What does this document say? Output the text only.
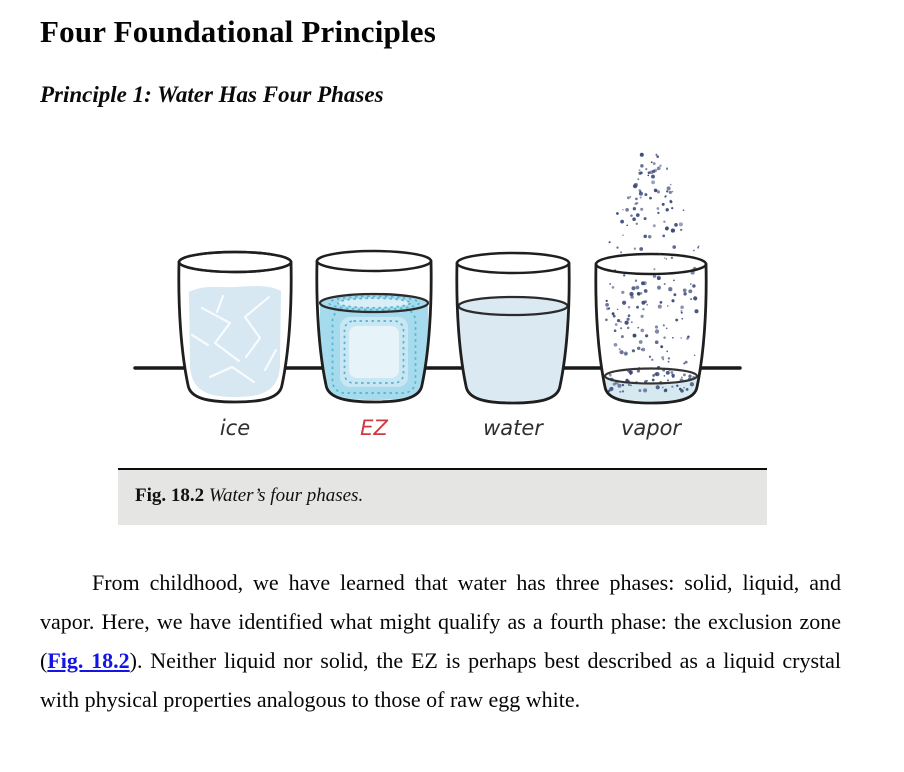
Four Foundational Principles
Principle 1: Water Has Four Phases
ice	EZ	water	vapor
Fig. 18.2 Water’s four phases.

From childhood, we have learned that water has three phases: solid, liquid, and vapor. Here, we have identified what might qualify as a fourth phase: the exclusion zone (Fig. 18.2). Neither liquid nor solid, the EZ is perhaps best described as a liquid crystal with physical properties analogous to those of raw egg white.
